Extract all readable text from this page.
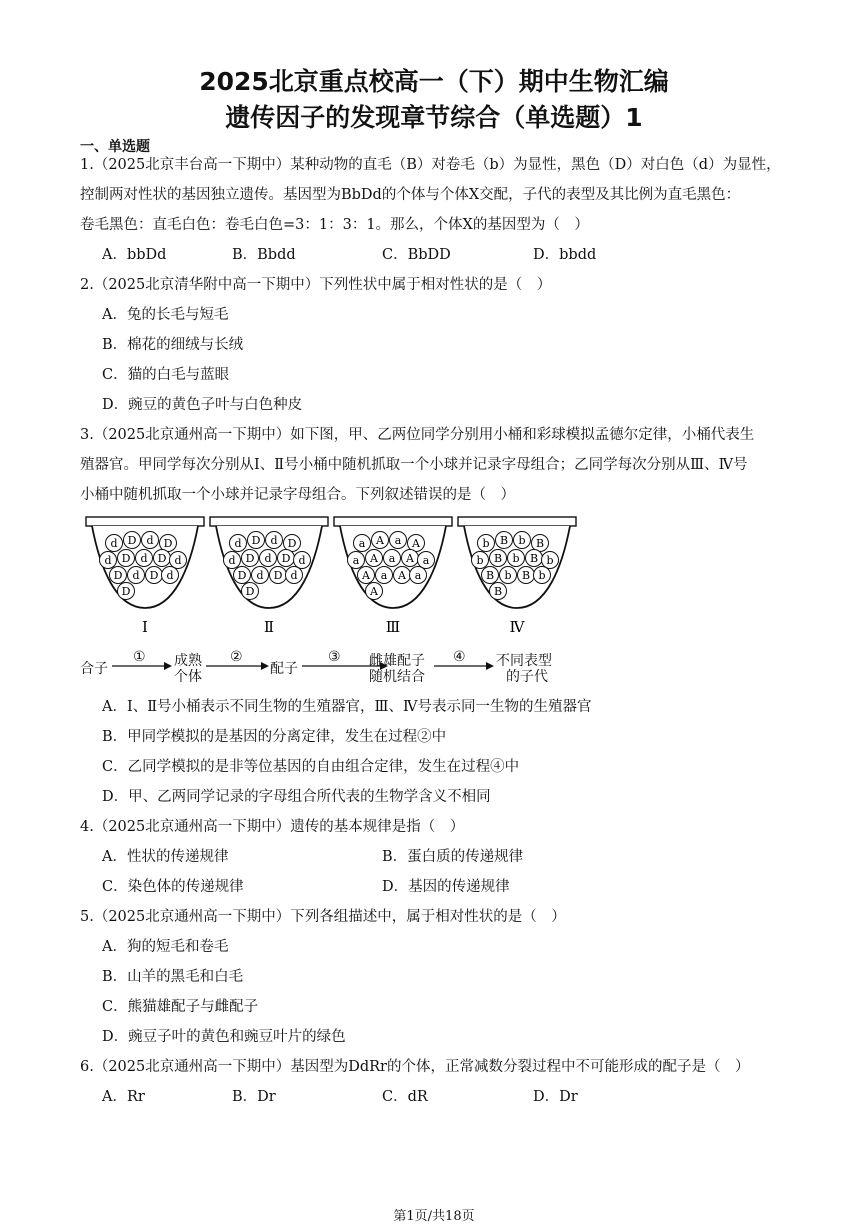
2025北京重点校高一（下）期中生物汇编
遗传因子的发现章节综合（单选题）1
一、单选题
1.（2025北京丰台高一下期中）某种动物的直毛（B）对卷毛（b）为显性，黑色（D）对白色（d）为显性，
控制两对性状的基因独立遗传。基因型为BbDd的个体与个体X交配，子代的表型及其比例为直毛黑色：
卷毛黑色：直毛白色：卷毛白色=3：1：3：1。那么，个体X的基因型为（　）
A．bbDd	B．Bbdd	C．BbDD	D．bbdd
2.（2025北京清华附中高一下期中）下列性状中属于相对性状的是（　）
A．兔的长毛与短毛
B．棉花的细绒与长绒
C．猫的白毛与蓝眼
D．豌豆的黄色子叶与白色种皮
3.（2025北京通州高一下期中）如下图，甲、乙两位同学分别用小桶和彩球模拟孟德尔定律，小桶代表生
殖器官。甲同学每次分别从Ⅰ、Ⅱ号小桶中随机抓取一个小球并记录字母组合；乙同学每次分别从Ⅲ、Ⅳ号
小桶中随机抓取一个小球并记录字母组合。下列叙述错误的是（　）
d D d D
d D d D d
D d D d
D
Ⅰ
d D d D
d D d D d
D d D d
D
Ⅱ
a A a A
a A a A a
A a A a
A
Ⅲ
b B b B
b B b B b
B b B b
B
Ⅳ
合子
① 成熟
个体
②
配子
③ 雌雄配子
随机结合
④ 不同表型
的子代
A．Ⅰ、Ⅱ号小桶表示不同生物的生殖器官，Ⅲ、Ⅳ号表示同一生物的生殖器官
B．甲同学模拟的是基因的分离定律，发生在过程②中
C．乙同学模拟的是非等位基因的自由组合定律，发生在过程④中
D．甲、乙两同学记录的字母组合所代表的生物学含义不相同
4.（2025北京通州高一下期中）遗传的基本规律是指（　）
A．性状的传递规律	B．蛋白质的传递规律
C．染色体的传递规律	D．基因的传递规律
5.（2025北京通州高一下期中）下列各组描述中，属于相对性状的是（　）
A．狗的短毛和卷毛
B．山羊的黑毛和白毛
C．熊猫雄配子与雌配子
D．豌豆子叶的黄色和豌豆叶片的绿色
6.（2025北京通州高一下期中）基因型为DdRr的个体，正常减数分裂过程中不可能形成的配子是（　）
A．Rr	B．Dr	C．dR	D．Dr
第1页/共18页
